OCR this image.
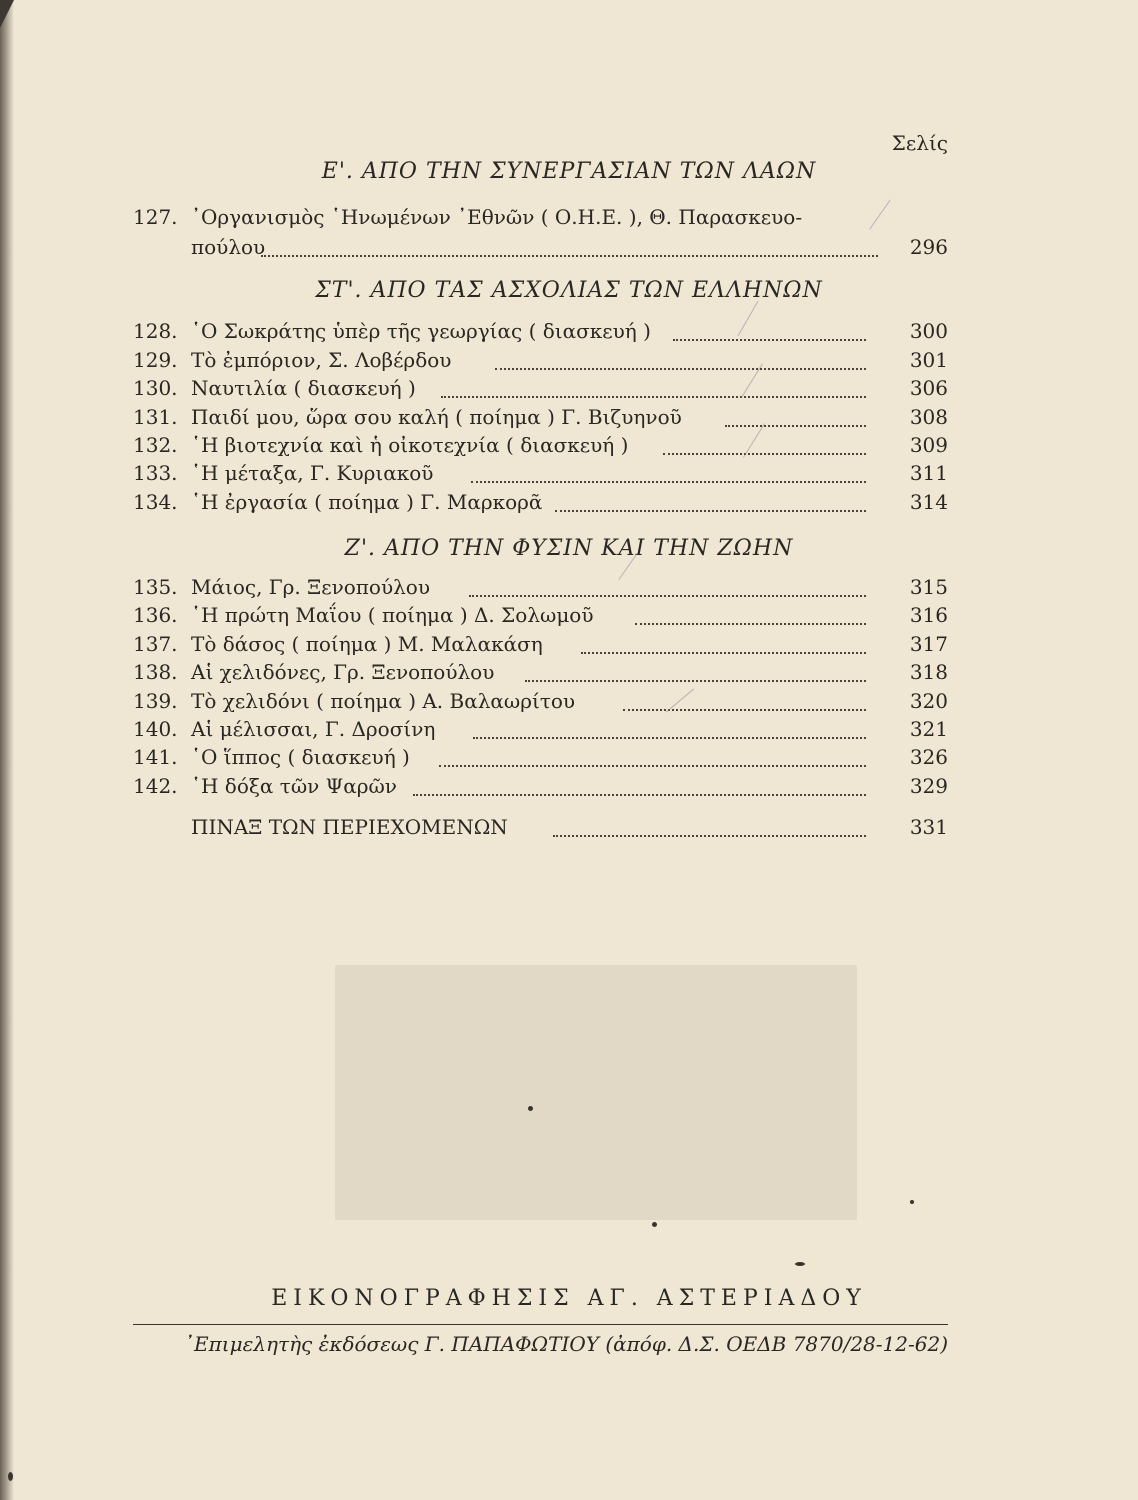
Σελίς
Ε'. ΑΠΟ ΤΗΝ ΣΥΝΕΡΓΑΣΙΑΝ ΤΩΝ ΛΑΩΝ
127. ᾿Οργανισμὸς ῾Ηνωμένων ᾿Εθνῶν ( Ο.Η.Ε. ), Θ. Παρασκευο-
πούλου	296
ΣΤ'. ΑΠΟ ΤΑΣ ΑΣΧΟΛΙΑΣ ΤΩΝ ΕΛΛΗΝΩΝ
128. ῾Ο Σωκράτης ὑπὲρ τῆς γεωργίας ( διασκευή )	300
129. Τὸ ἐμπόριον, Σ. Λοβέρδου	301
130. Ναυτιλία ( διασκευή )	306
131. Παιδί μου, ὥρα σου καλή ( ποίημα ) Γ. Βιζυηνοῦ	308
132. ῾Η βιοτεχνία καὶ ἡ οἰκοτεχνία ( διασκευή )	309
133. ῾Η μέταξα, Γ. Κυριακοῦ	311
134. ῾Η ἐργασία ( ποίημα ) Γ. Μαρκορᾶ	314
Ζ'. ΑΠΟ ΤΗΝ ΦΥΣΙΝ ΚΑΙ ΤΗΝ ΖΩΗΝ
135. Μάιος, Γρ. Ξενοπούλου	315
136. ῾Η πρώτη Μαΐου ( ποίημα ) Δ. Σολωμοῦ	316
137. Τὸ δάσος ( ποίημα ) Μ. Μαλακάση	317
138. Αἱ χελιδόνες, Γρ. Ξενοπούλου	318
139. Τὸ χελιδόνι ( ποίημα ) Α. Βαλαωρίτου	320
140. Αἱ μέλισσαι, Γ. Δροσίνη	321
141. ῾Ο ἵππος ( διασκευή )	326
142. ῾Η δόξα τῶν Ψαρῶν	329
ΠΙΝΑΞ ΤΩΝ ΠΕΡΙΕΧΟΜΕΝΩΝ	331
ΕΙΚΟΝΟΓΡΑΦΗΣΙΣ ΑΓ. ΑΣΤΕΡΙΑΔΟΥ
᾿Επιμελητὴς ἐκδόσεως Γ. ΠΑΠΑΦΩΤΙΟΥ (ἀπόφ. Δ.Σ. ΟΕΔΒ 7870/28-12-62)
